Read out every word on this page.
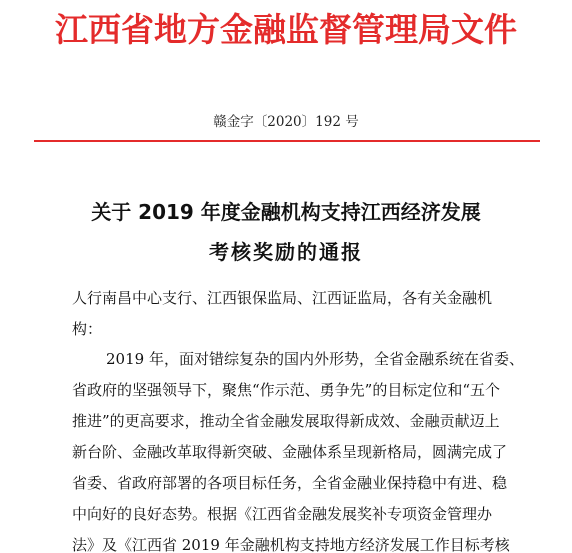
江西省地方金融监督管理局文件
赣金字〔2020〕192 号
关于 2019 年度金融机构支持江西经济发展
考核奖励的通报
人行南昌中心支行、江西银保监局、江西证监局，各有关金融机
构：
2019 年，面对错综复杂的国内外形势，全省金融系统在省委、
省政府的坚强领导下，聚焦“作示范、勇争先”的目标定位和“五个
推进”的更高要求，推动全省金融发展取得新成效、金融贡献迈上
新台阶、金融改革取得新突破、金融体系呈现新格局，圆满完成了
省委、省政府部署的各项目标任务，全省金融业保持稳中有进、稳
中向好的良好态势。根据《江西省金融发展奖补专项资金管理办
法》及《江西省 2019 年金融机构支持地方经济发展工作目标考核
